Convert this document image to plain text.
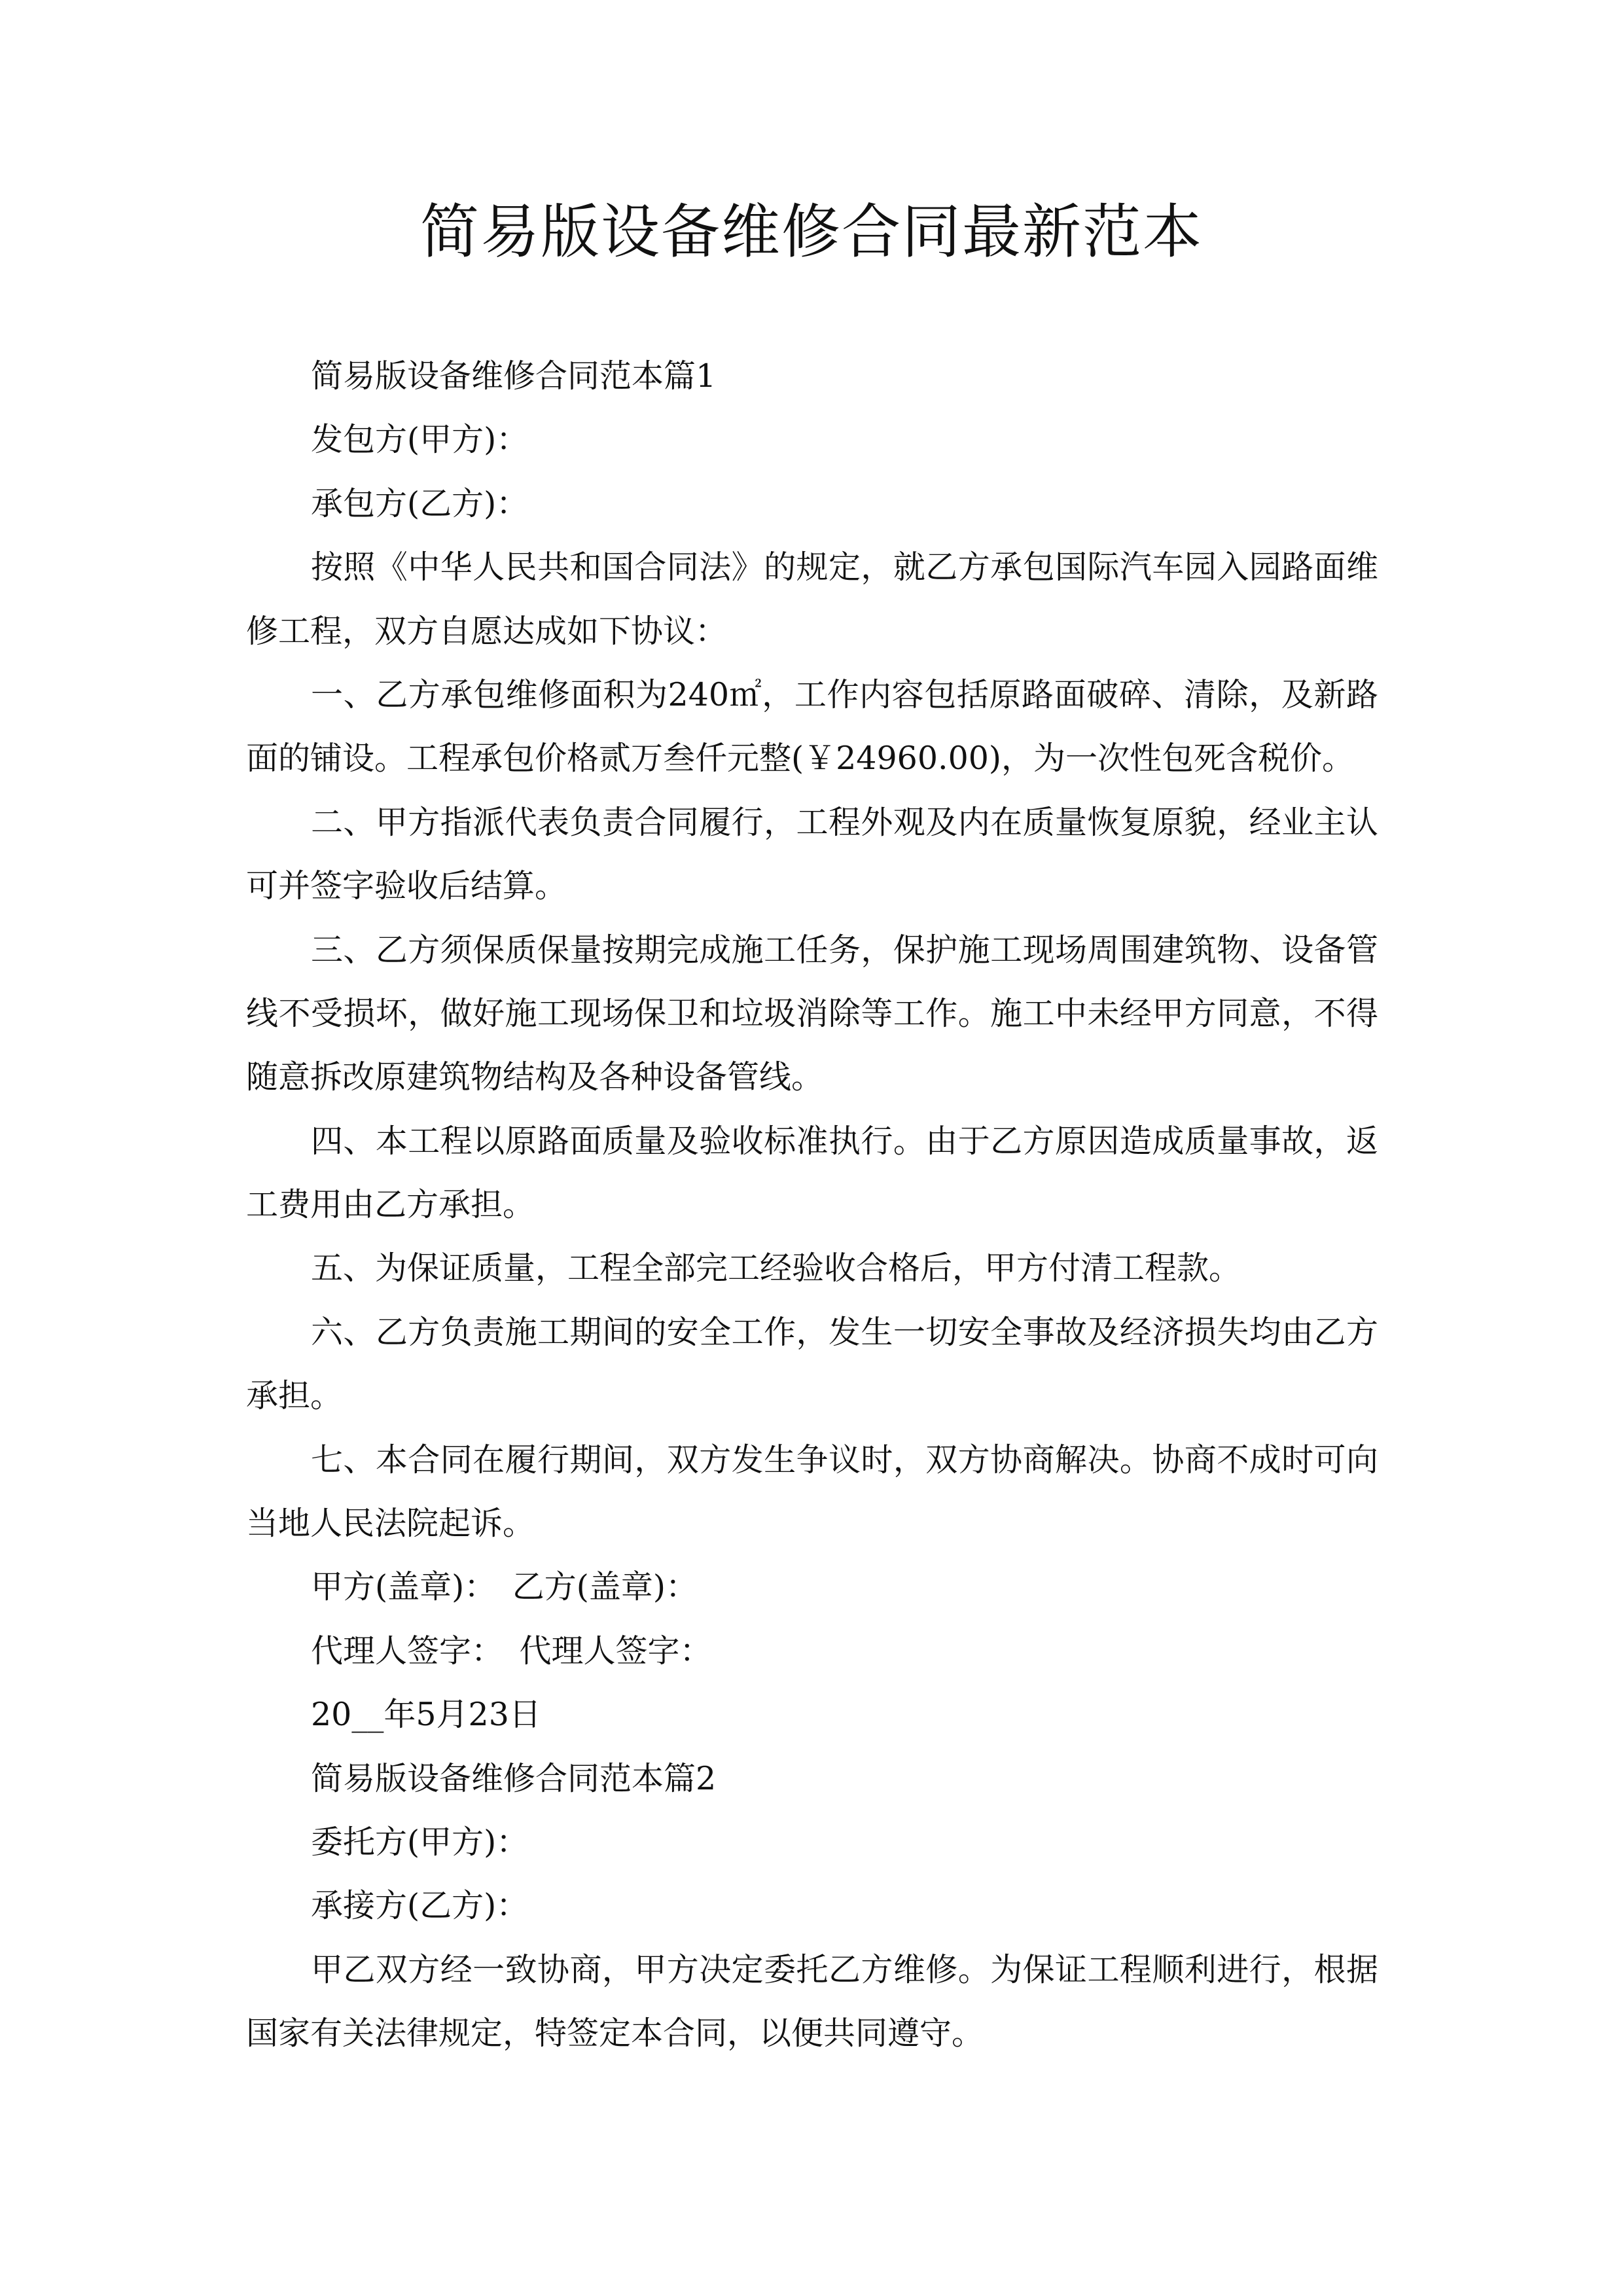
简易版设备维修合同最新范本
简易版设备维修合同范本篇1
发包方(甲方)：
承包方(乙方)：
按照《中华人民共和国合同法》的规定，就乙方承包国际汽车园入园路面维
修工程，双方自愿达成如下协议：
一、乙方承包维修面积为240㎡，工作内容包括原路面破碎、清除，及新路
面的铺设。工程承包价格贰万叁仟元整(￥24960.00)，为一次性包死含税价。
二、甲方指派代表负责合同履行，工程外观及内在质量恢复原貌，经业主认
可并签字验收后结算。
三、乙方须保质保量按期完成施工任务，保护施工现场周围建筑物、设备管
线不受损坏，做好施工现场保卫和垃圾消除等工作。施工中未经甲方同意，不得
随意拆改原建筑物结构及各种设备管线。
四、本工程以原路面质量及验收标准执行。由于乙方原因造成质量事故，返
工费用由乙方承担。
五、为保证质量，工程全部完工经验收合格后，甲方付清工程款。
六、乙方负责施工期间的安全工作，发生一切安全事故及经济损失均由乙方
承担。
七、本合同在履行期间，双方发生争议时，双方协商解决。协商不成时可向
当地人民法院起诉。
甲方(盖章)：　乙方(盖章)：
代理人签字：　代理人签字：
20__年5月23日
简易版设备维修合同范本篇2
委托方(甲方)：
承接方(乙方)：
甲乙双方经一致协商，甲方决定委托乙方维修。为保证工程顺利进行，根据
国家有关法律规定，特签定本合同，以便共同遵守。
